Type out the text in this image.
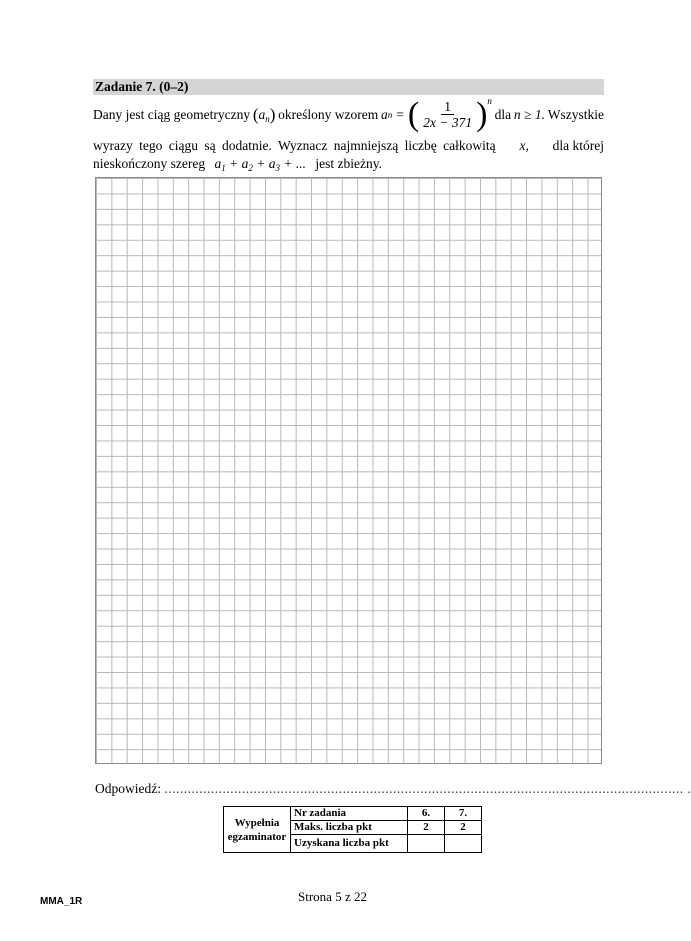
Zadanie 7. (0–2)
Dany jest ciąg geometryczny $(a_n)$ określony wzorem a n = ( $\frac{1}{2x - 371}$ ) n
dla n ≥ 1. Wszystkie
wyrazy tego ciągu są dodatnie. Wyznacz najmniejszą liczbę całkowitą x, dla której
nieskończony szereg $a_1 + a_2 + a_3$ + ... jest zbieżny.
Odpowiedź: ...................................................................................................................................... .
Wypełnia egzaminator	Nr zadania	6.	7.
	Maks. liczba pkt	2	2
	Uzyskana liczba pkt		
Strona 5 z 22
MMA_1R
